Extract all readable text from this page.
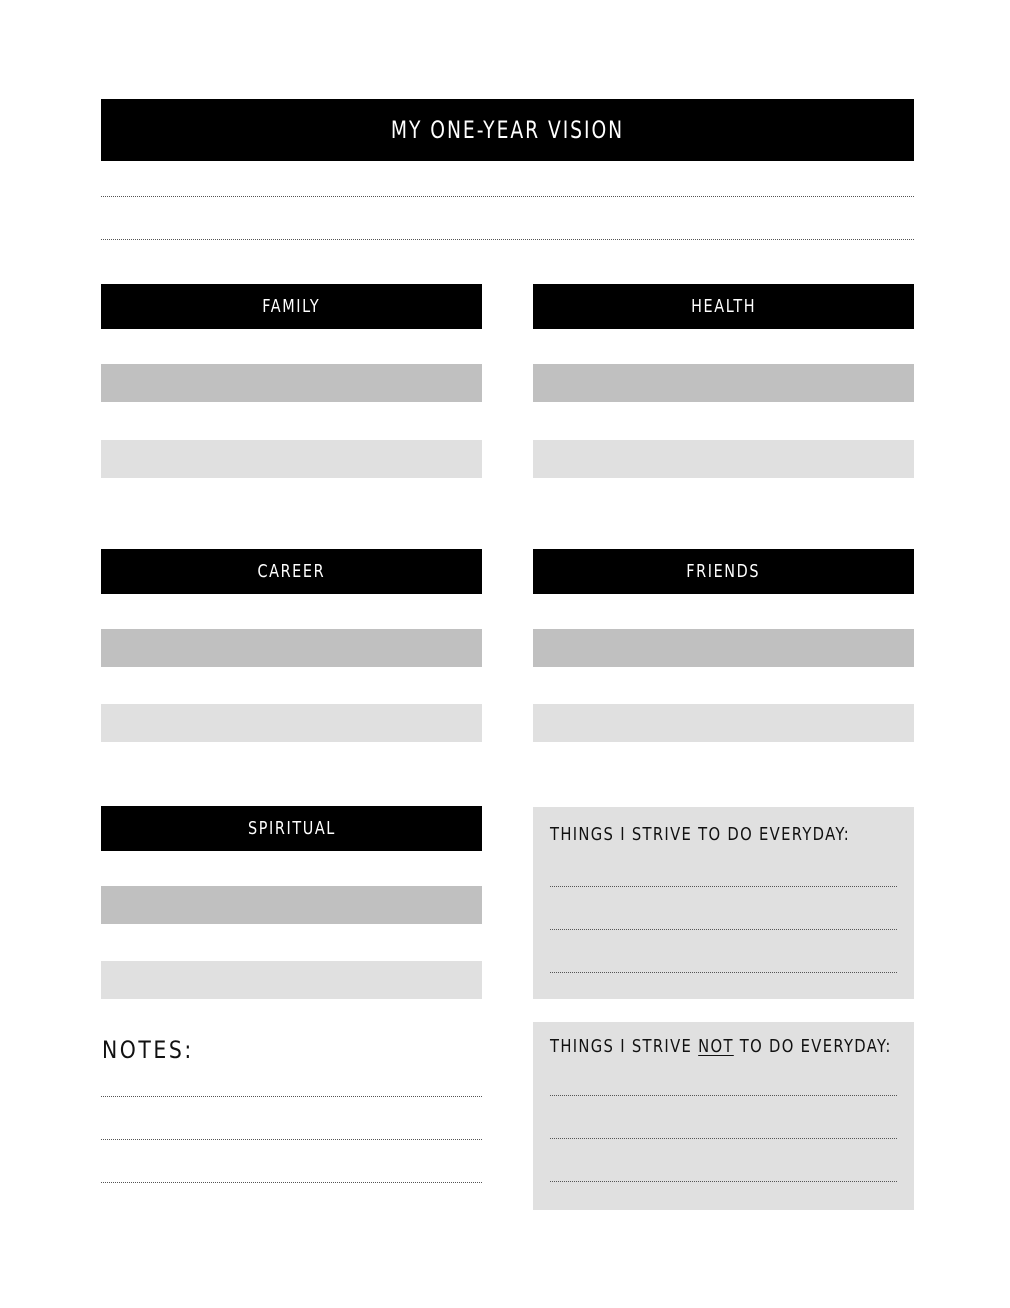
MY ONE-YEAR VISION
FAMILY	HEALTH
CAREER	FRIENDS
SPIRITUAL	THINGS I STRIVE TO DO EVERYDAY:
NOTES:	THINGS I STRIVE NOT TO DO EVERYDAY:
